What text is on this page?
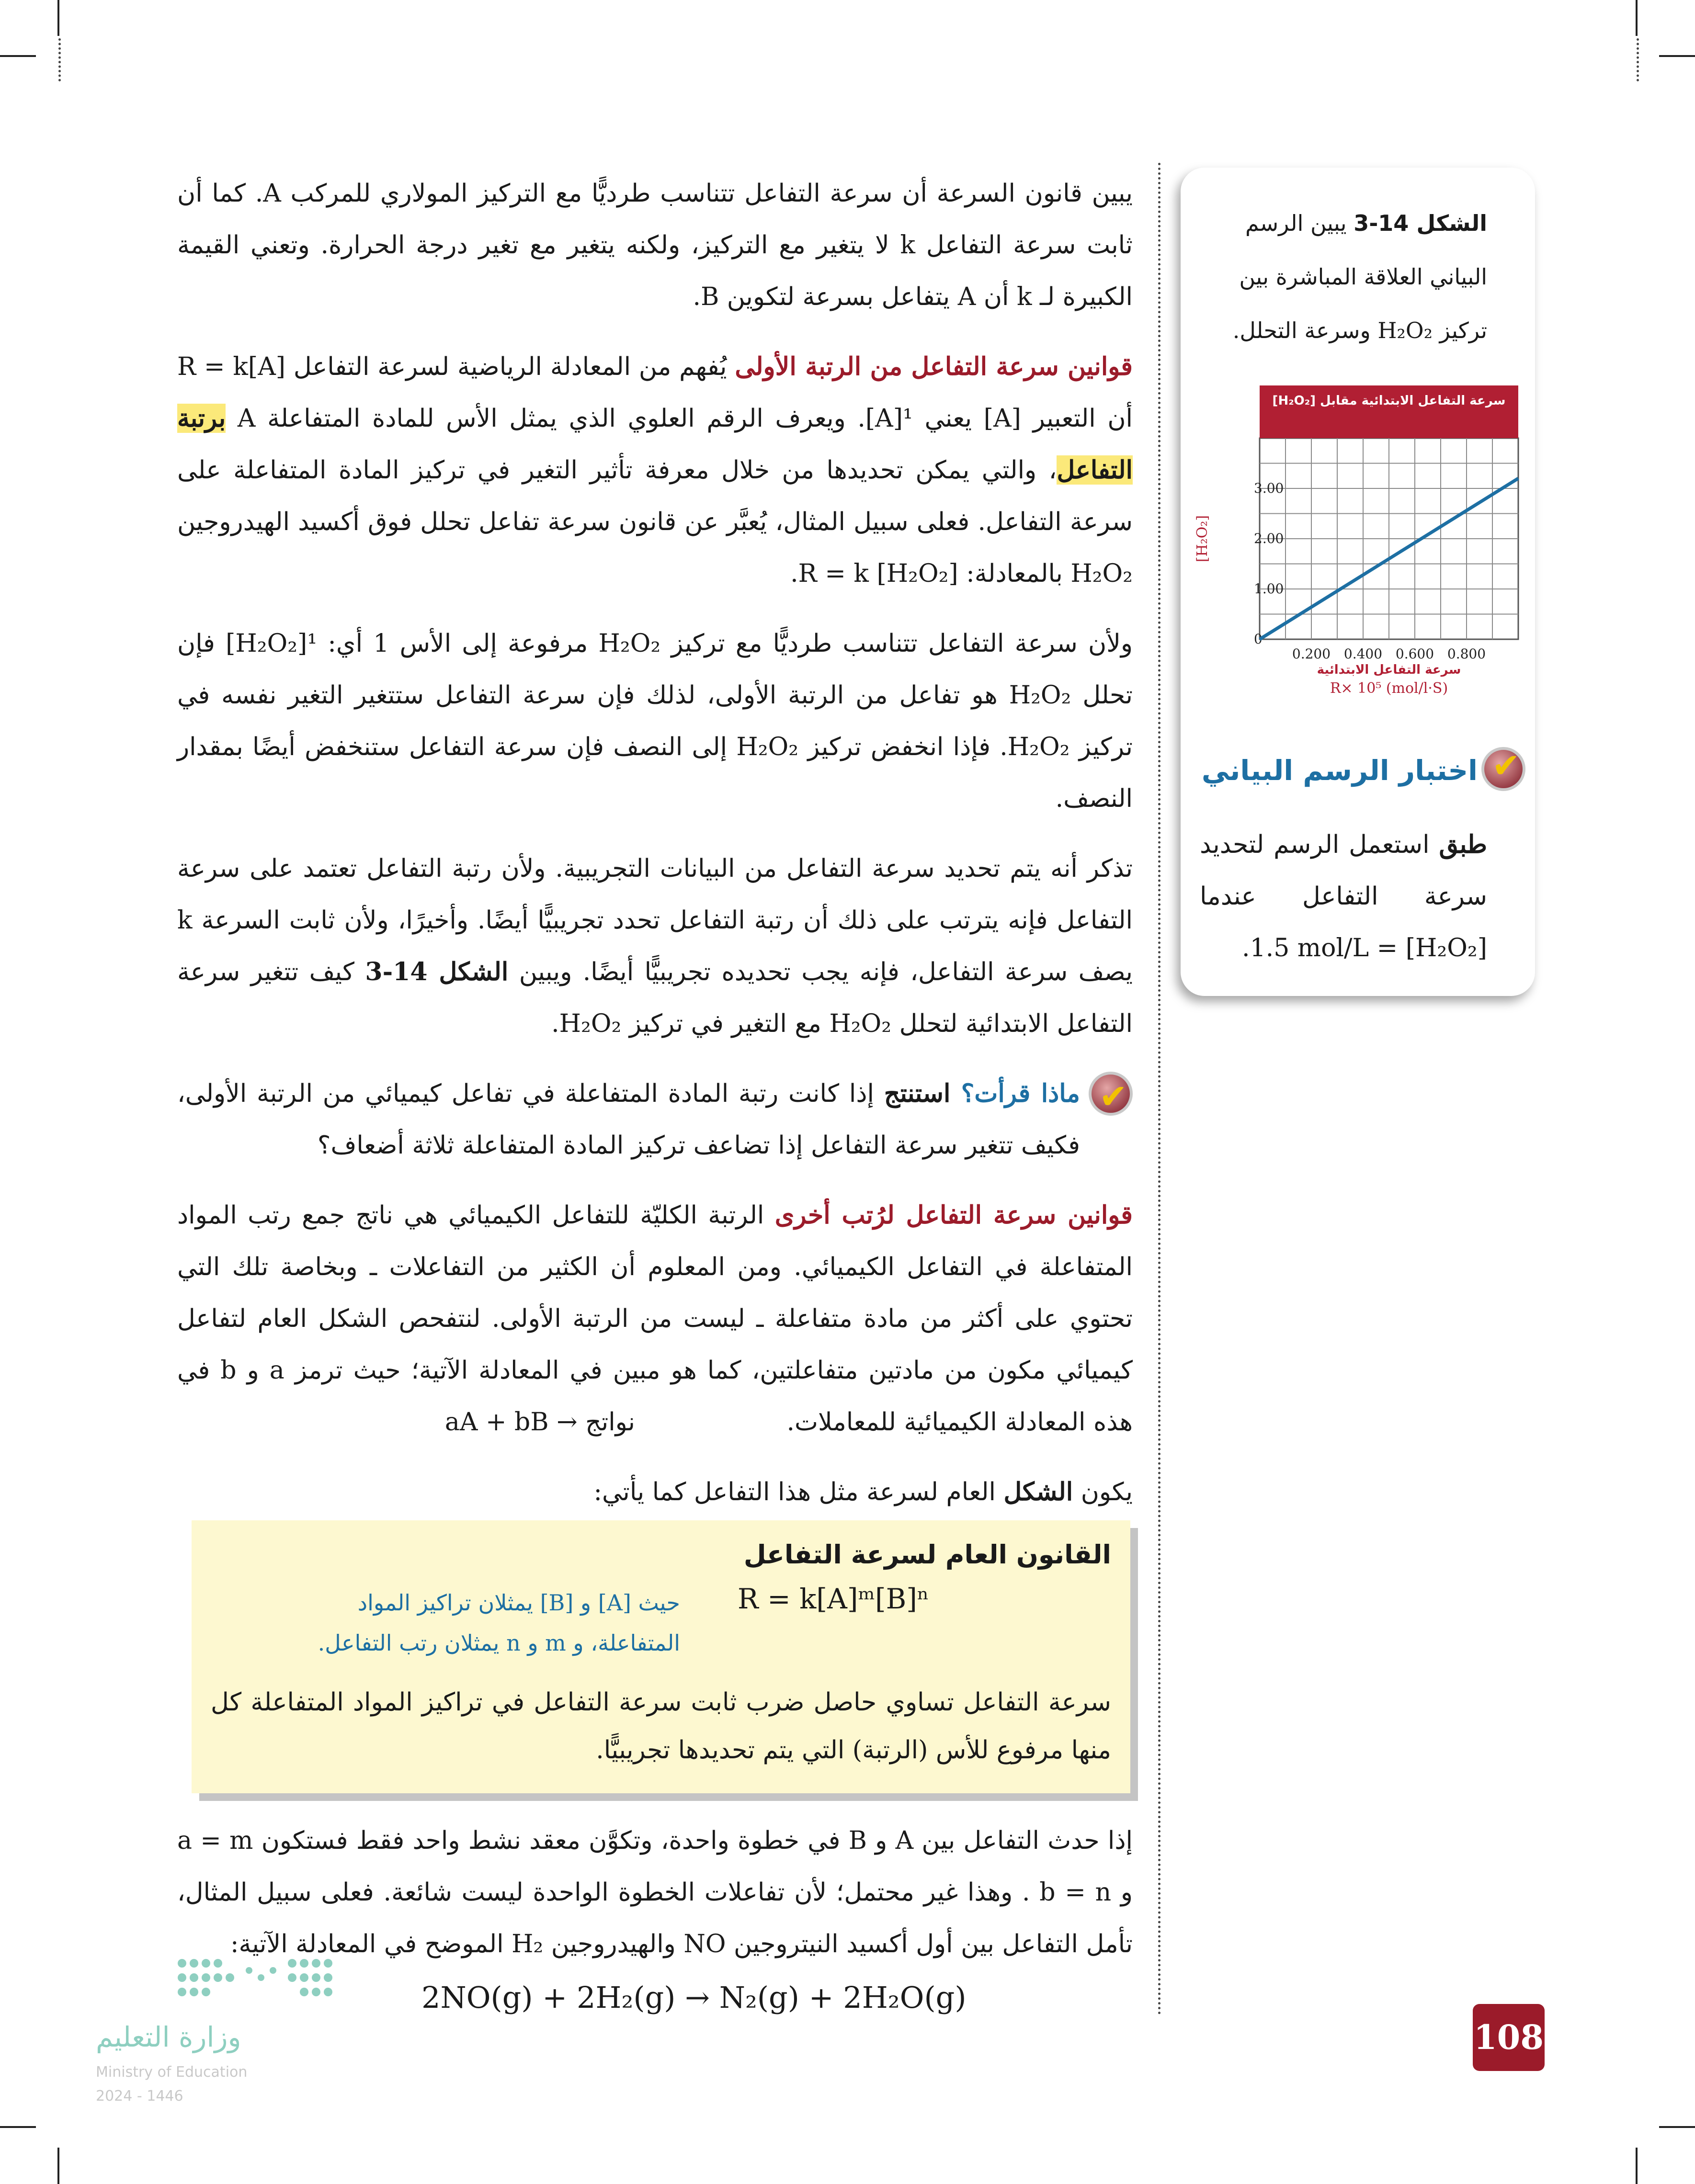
يبين قانون السرعة أن سرعة التفاعل تتناسب طرديًّا مع التركيز المولاري للمركب A. كما أن ثابت سرعة التفاعل k لا يتغير مع التركيز، ولكنه يتغير مع تغير درجة الحرارة. وتعني القيمة الكبيرة لـ k أن A يتفاعل بسرعة لتكوين B.

قوانين سرعة التفاعل من الرتبة الأولى يُفهم من المعادلة الرياضية لسرعة التفاعل R = k[A] أن التعبير [A] يعني ¹[A]. ويعرف الرقم العلوي الذي يمثل الأس للمادة المتفاعلة A برتبة التفاعل، والتي يمكن تحديدها من خلال معرفة تأثير التغير في تركيز المادة المتفاعلة على سرعة التفاعل. فعلى سبيل المثال، يُعبَّر عن قانون سرعة تفاعل تحلل فوق أكسيد الهيدروجين H₂O₂ بالمعادلة: R = k [H₂O₂].

ولأن سرعة التفاعل تتناسب طرديًّا مع تركيز H₂O₂ مرفوعة إلى الأس 1 أي: ¹[H₂O₂] فإن تحلل H₂O₂ هو تفاعل من الرتبة الأولى، لذلك فإن سرعة التفاعل ستتغير التغير نفسه في تركيز H₂O₂. فإذا انخفض تركيز H₂O₂ إلى النصف فإن سرعة التفاعل ستنخفض أيضًا بمقدار النصف.

تذكر أنه يتم تحديد سرعة التفاعل من البيانات التجريبية. ولأن رتبة التفاعل تعتمد على سرعة التفاعل فإنه يترتب على ذلك أن رتبة التفاعل تحدد تجريبيًّا أيضًا. وأخيرًا، ولأن ثابت السرعة k يصف سرعة التفاعل، فإنه يجب تحديده تجريبيًّا أيضًا. ويبين الشكل 14-3 كيف تتغير سرعة التفاعل الابتدائية لتحلل H₂O₂ مع التغير في تركيز H₂O₂.

✔
ماذا قرأت؟ استنتج إذا كانت رتبة المادة المتفاعلة في تفاعل كيميائي من الرتبة الأولى، فكيف تتغير سرعة التفاعل إذا تضاعف تركيز المادة المتفاعلة ثلاثة أضعاف؟

قوانين سرعة التفاعل لرُتب أخرى الرتبة الكليّة للتفاعل الكيميائي هي ناتج جمع رتب المواد المتفاعلة في التفاعل الكيميائي. ومن المعلوم أن الكثير من التفاعلات ـ وبخاصة تلك التي تحتوي على أكثر من مادة متفاعلة ـ ليست من الرتبة الأولى. لنتفحص الشكل العام لتفاعل كيميائي مكون من مادتين متفاعلتين، كما هو مبين في المعادلة الآتية؛ حيث ترمز a و b في هذه المعادلة الكيميائية للمعاملات. aA + bB → نواتج

يكون الشكل العام لسرعة مثل هذا التفاعل كما يأتي:

القانون العام لسرعة التفاعل
R = k[A]ᵐ[B]ⁿ
حيث [A] و [B] يمثلان تراكيز المواد المتفاعلة، و m و n يمثلان رتب التفاعل.
سرعة التفاعل تساوي حاصل ضرب ثابت سرعة التفاعل في تراكيز المواد المتفاعلة كل منها مرفوع للأس (الرتبة) التي يتم تحديدها تجريبيًّا.
إذا حدث التفاعل بين A و B في خطوة واحدة، وتكوَّن معقد نشط واحد فقط فستكون a = m و b = n . وهذا غير محتمل؛ لأن تفاعلات الخطوة الواحدة ليست شائعة. فعلى سبيل المثال، تأمل التفاعل بين أول أكسيد النيتروجين NO والهيدروجين H₂ الموضح في المعادلة الآتية:
2NO(g) + 2H₂(g) → N₂(g) + 2H₂O(g)
الشكل 14-3 يبين الرسم البياني العلاقة المباشرة بين تركيز H₂O₂ وسرعة التحلل.
سرعة التفاعل الابتدائية مقابل [H₂O₂]
0
1.00
2.00
3.00
0.200 0.400 0.600 0.800
سرعة التفاعل الابتدائية
R× 10⁵ (mol/l·S)
[H₂O₂]
✔
اختبار الرسم البياني
طبق استعمل الرسم لتحديد سرعة التفاعل عندما [H₂O₂] = 1.5 mol/L.
108
وزارة التعليم
Ministry of Education
2024 - 1446
